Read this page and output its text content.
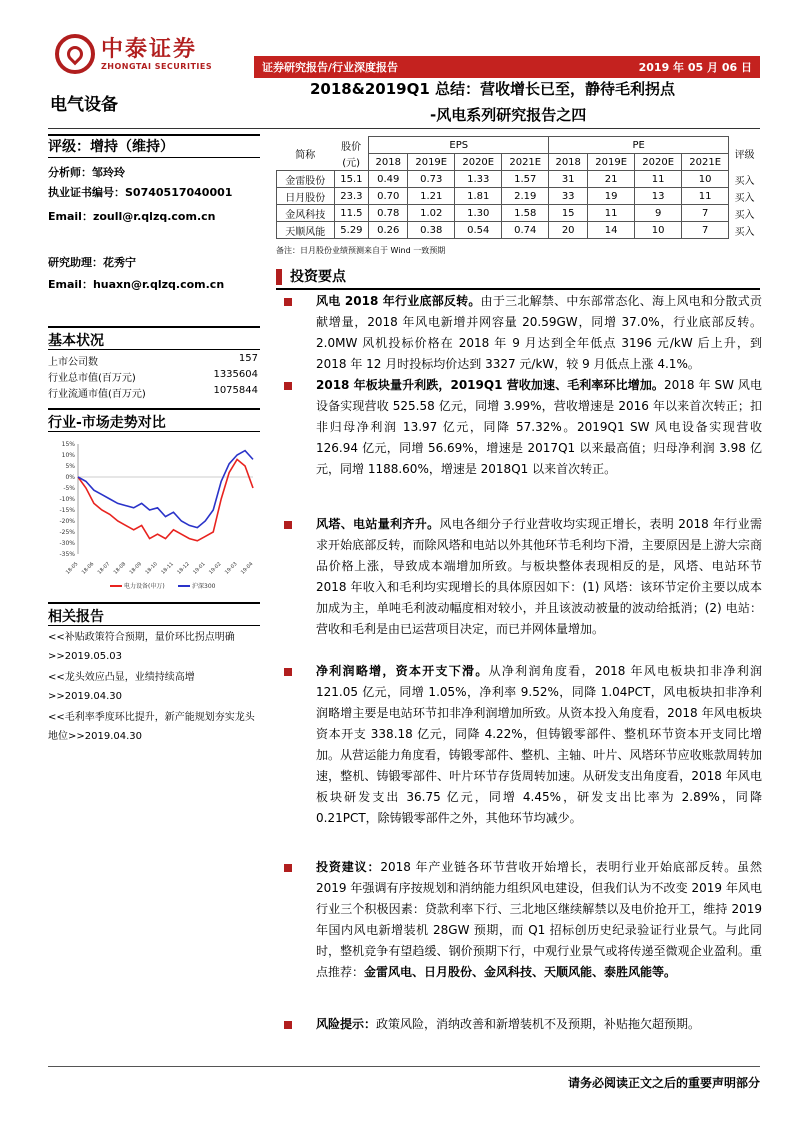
中泰证券
ZHONGTAI SECURITIES	证券研究报告/行业深度报告	2019 年 05 月 06 日
电气设备
2018&2019Q1 总结：营收增长已至，静待毛利拐点
-风电系列研究报告之四
评级：增持（维持）
分析师：邹玲玲
执业证书编号：S0740517040001
Email：zoull@r.qlzq.com.cn
研究助理：花秀宁
Email：huaxn@r.qlzq.com.cn
基本状况
上市公司数	157
行业总市值(百万元)	1335604
行业流通市值(百万元)	1075844
行业-市场走势对比
15%
10%
5%
0%
-5%
-10%
-15%
-20%
-25%
-30%
-35%
18-05 18-06 18-07 18-08 18-09 18-10 18-11 18-12 19-01 19-02 19-03 19-04
电力设备(申万)	沪深300
相关报告
<<补贴政策符合预期，量价环比拐点明确>>2019.05.03
<<龙头效应凸显，业绩持续高增>>2019.04.30
<<毛利率季度环比提升，新产能规划夯实龙头地位>>2019.04.30
简称	股价	EPS				PE				评级
	(元)	2018	2019E	2020E	2021E	2018	2019E	2020E	2021E	
金雷股份	15.1	0.49	0.73	1.33	1.57	31	21	11	10	买入
日月股份	23.3	0.70	1.21	1.81	2.19	33	19	13	11	买入
金风科技	11.5	0.78	1.02	1.30	1.58	15	11	9	7	买入
天顺风能	5.29	0.26	0.38	0.54	0.74	20	14	10	7	买入
备注：日月股份业绩预测来自于 Wind 一致预期
投资要点
风电 2018 年行业底部反转。由于三北解禁、中东部常态化、海上风电和分散式贡献增量，2018 年风电新增并网容量 20.59GW，同增 37.0%，行业底部反转。2.0MW 风机投标价格在 2018 年 9 月达到全年低点 3196 元/kW 后上升，到 2018 年 12 月时投标均价达到 3327 元/kW，较 9 月低点上涨 4.1%。
2018 年板块量升利跌，2019Q1 营收加速、毛利率环比增加。2018 年 SW 风电设备实现营收 525.58 亿元，同增 3.99%，营收增速是 2016 年以来首次转正；扣非归母净利润 13.97 亿元，同降 57.32%。2019Q1 SW 风电设备实现营收 126.94 亿元，同增 56.69%，增速是 2017Q1 以来最高值；归母净利润 3.98 亿元，同增 1188.60%，增速是 2018Q1 以来首次转正。
风塔、电站量利齐升。风电各细分子行业营收均实现正增长，表明 2018 年行业需求开始底部反转，而除风塔和电站以外其他环节毛利均下滑，主要原因是上游大宗商品价格上涨，导致成本端增加所致。与板块整体表现相反的是，风塔、电站环节 2018 年收入和毛利均实现增长的具体原因如下：(1) 风塔：该环节定价主要以成本加成为主，单吨毛利波动幅度相对较小，并且该波动被量的波动给抵消；(2) 电站：营收和毛利是由已运营项目决定，而已并网体量增加。
净利润略增，资本开支下滑。从净利润角度看，2018 年风电板块扣非净利润 121.05 亿元，同增 1.05%，净利率 9.52%，同降 1.04PCT，风电板块扣非净利润略增主要是电站环节扣非净利润增加所致。从资本投入角度看，2018 年风电板块资本开支 338.18 亿元，同降 4.22%，但铸锻零部件、整机环节资本开支同比增加。从营运能力角度看，铸锻零部件、整机、主轴、叶片、风塔环节应收账款周转加速，整机、铸锻零部件、叶片环节存货周转加速。从研发支出角度看，2018 年风电板块研发支出 36.75 亿元，同增 4.45%，研发支出比率为 2.89%，同降 0.21PCT，除铸锻零部件之外，其他环节均减少。
投资建议：2018 年产业链各环节营收开始增长，表明行业开始底部反转。虽然 2019 年强调有序按规划和消纳能力组织风电建设，但我们认为不改变 2019 年风电行业三个积极因素：贷款利率下行、三北地区继续解禁以及电价抢开工，维持 2019 年国内风电新增装机 28GW 预期，而 Q1 招标创历史纪录验证行业景气。与此同时，整机竞争有望趋缓、钢价预期下行，中观行业景气或将传递至微观企业盈利。重点推荐：金雷风电、日月股份、金风科技、天顺风能、泰胜风能等。
风险提示：政策风险，消纳改善和新增装机不及预期，补贴拖欠超预期。
请务必阅读正文之后的重要声明部分
